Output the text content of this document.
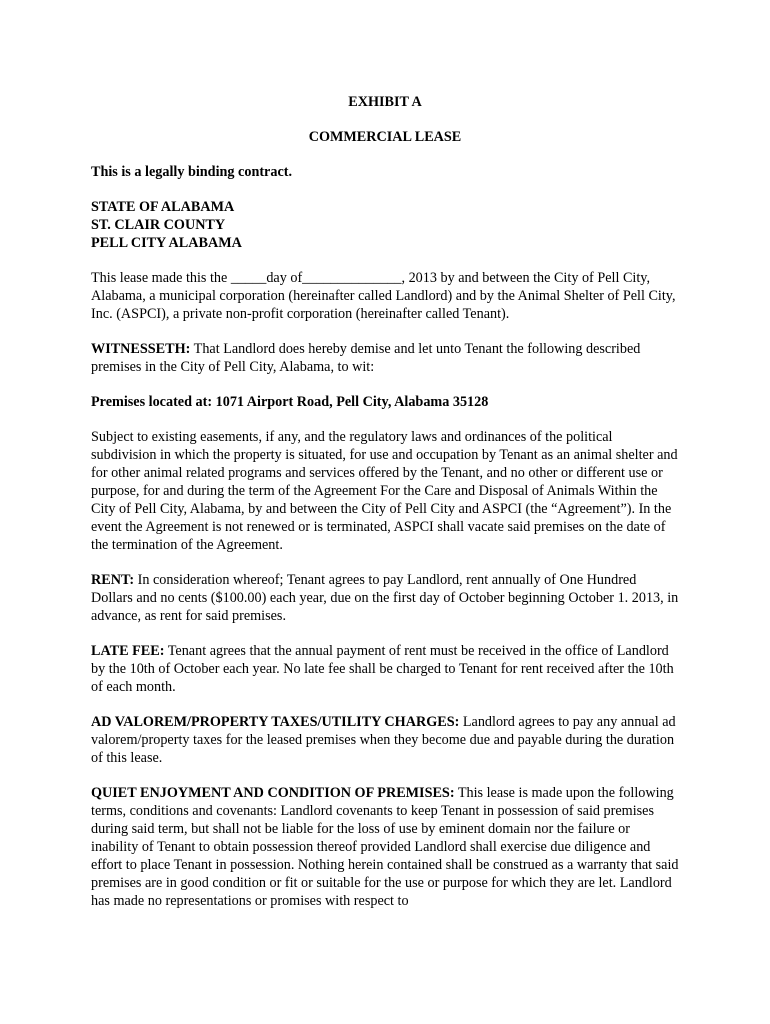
EXHIBIT A
COMMERCIAL LEASE
This is a legally binding contract.
STATE OF ALABAMA
ST. CLAIR COUNTY
PELL CITY ALABAMA
This lease made this the _____day of______________, 2013 by and between the City of Pell City, Alabama, a municipal corporation (hereinafter called Landlord) and by the Animal Shelter of Pell City, Inc. (ASPCI), a private non-profit corporation (hereinafter called Tenant).
WITNESSETH: That Landlord does hereby demise and let unto Tenant the following described premises in the City of Pell City, Alabama, to wit:
Premises located at: 1071 Airport Road, Pell City, Alabama 35128
Subject to existing easements, if any, and the regulatory laws and ordinances of the political subdivision in which the property is situated, for use and occupation by Tenant as an animal shelter and for other animal related programs and services offered by the Tenant, and no other or different use or purpose, for and during the term of the Agreement For the Care and Disposal of Animals Within the City of Pell City, Alabama, by and between the City of Pell City and ASPCI (the “Agreement”). In the event the Agreement is not renewed or is terminated, ASPCI shall vacate said premises on the date of the termination of the Agreement.
RENT: In consideration whereof; Tenant agrees to pay Landlord, rent annually of One Hundred Dollars and no cents ($100.00) each year, due on the first day of October beginning October 1. 2013, in advance, as rent for said premises.
LATE FEE: Tenant agrees that the annual payment of rent must be received in the office of Landlord by the 10th of October each year. No late fee shall be charged to Tenant for rent received after the 10th of each month.
AD VALOREM/PROPERTY TAXES/UTILITY CHARGES: Landlord agrees to pay any annual ad valorem/property taxes for the leased premises when they become due and payable during the duration of this lease.
QUIET ENJOYMENT AND CONDITION OF PREMISES: This lease is made upon the following terms, conditions and covenants: Landlord covenants to keep Tenant in possession of said premises during said term, but shall not be liable for the loss of use by eminent domain nor the failure or inability of Tenant to obtain possession thereof provided Landlord shall exercise due diligence and effort to place Tenant in possession. Nothing herein contained shall be construed as a warranty that said premises are in good condition or fit or suitable for the use or purpose for which they are let. Landlord has made no representations or promises with respect to
